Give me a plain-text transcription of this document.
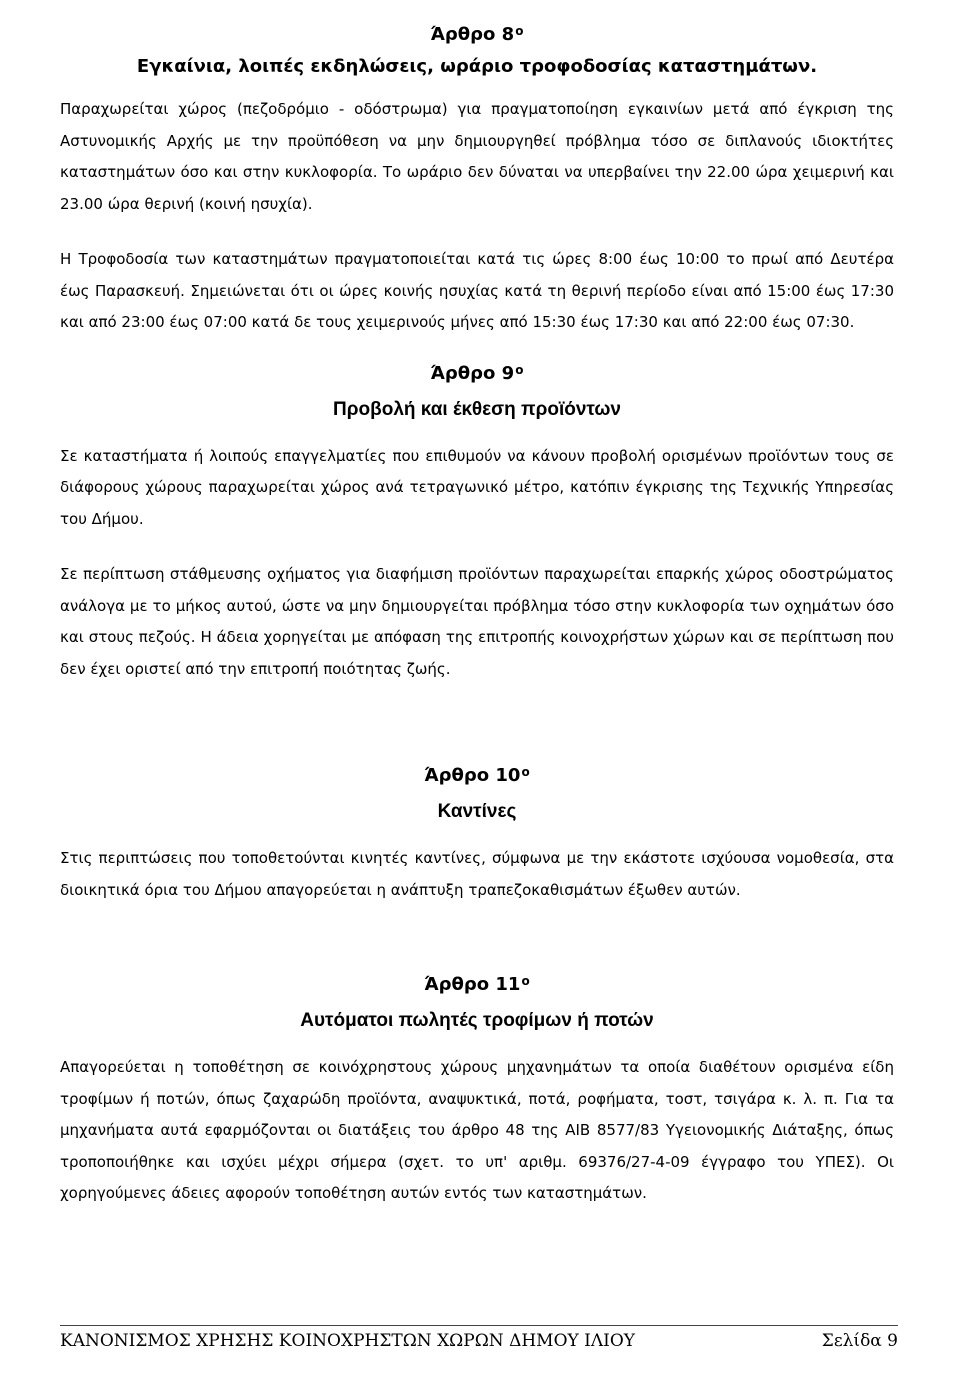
Άρθρο $8^o$
Εγκαίνια, λοιπές εκδηλώσεις, ωράριο τροφοδοσίας καταστημάτων.

Παραχωρείται χώρος (πεζοδρόμιο - οδόστρωμα) για πραγματοποίηση εγκαινίων μετά από έγκριση της Αστυνομικής Αρχής με την προϋπόθεση να μην δημιουργηθεί πρόβλημα τόσο σε διπλανούς ιδιοκτήτες καταστημάτων όσο και στην κυκλοφορία. Το ωράριο δεν δύναται να υπερβαίνει την 22.00 ώρα χειμερινή και 23.00 ώρα θερινή (κοινή ησυχία).

Η Τροφοδοσία των καταστημάτων πραγματοποιείται κατά τις ώρες 8:00 έως 10:00 το πρωί από Δευτέρα έως Παρασκευή. Σημειώνεται ότι οι ώρες κοινής ησυχίας κατά τη θερινή περίοδο είναι από 15:00 έως 17:30 και από 23:00 έως 07:00 κατά δε τους χειμερινούς μήνες από 15:30 έως 17:30 και από 22:00 έως 07:30.

Άρθρο $9^o$
Προβολή και έκθεση προϊόντων

Σε καταστήματα ή λοιπούς επαγγελματίες που επιθυμούν να κάνουν προβολή ορισμένων προϊόντων τους σε διάφορους χώρους παραχωρείται χώρος ανά τετραγωνικό μέτρο, κατόπιν έγκρισης της Τεχνικής Υπηρεσίας του Δήμου.

Σε περίπτωση στάθμευσης οχήματος για διαφήμιση προϊόντων παραχωρείται επαρκής χώρος οδοστρώματος ανάλογα με το μήκος αυτού, ώστε να μην δημιουργείται πρόβλημα τόσο στην κυκλοφορία των οχημάτων όσο και στους πεζούς. Η άδεια χορηγείται με απόφαση της επιτροπής κοινοχρήστων χώρων και σε περίπτωση που δεν έχει οριστεί από την επιτροπή ποιότητας ζωής.

Άρθρο $10^o$
Καντίνες

Στις περιπτώσεις που τοποθετούνται κινητές καντίνες, σύμφωνα με την εκάστοτε ισχύουσα νομοθεσία, στα διοικητικά όρια του Δήμου απαγορεύεται η ανάπτυξη τραπεζοκαθισμάτων έξωθεν αυτών.

Άρθρο $11^o$
Αυτόματοι πωλητές τροφίμων ή ποτών

Απαγορεύεται η τοποθέτηση σε κοινόχρηστους χώρους μηχανημάτων τα οποία διαθέτουν ορισμένα είδη τροφίμων ή ποτών, όπως ζαχαρώδη προϊόντα, αναψυκτικά, ποτά, ροφήματα, τοστ, τσιγάρα κ. λ. π. Για τα μηχανήματα αυτά εφαρμόζονται οι διατάξεις του άρθρο 48 της ΑΙΒ 8577/83 Υγειονομικής Διάταξης, όπως τροποποιήθηκε και ισχύει μέχρι σήμερα (σχετ. το υπ' αριθμ. 69376/27-4-09 έγγραφο του ΥΠΕΣ). Οι χορηγούμενες άδειες αφορούν τοποθέτηση αυτών εντός των καταστημάτων.

ΚΑΝΟΝΙΣΜΟΣ ΧΡΗΣΗΣ ΚΟΙΝΟΧΡΗΣΤΩΝ ΧΩΡΩΝ ΔΗΜΟΥ ΙΛΙΟΥ	Σελίδα 9
